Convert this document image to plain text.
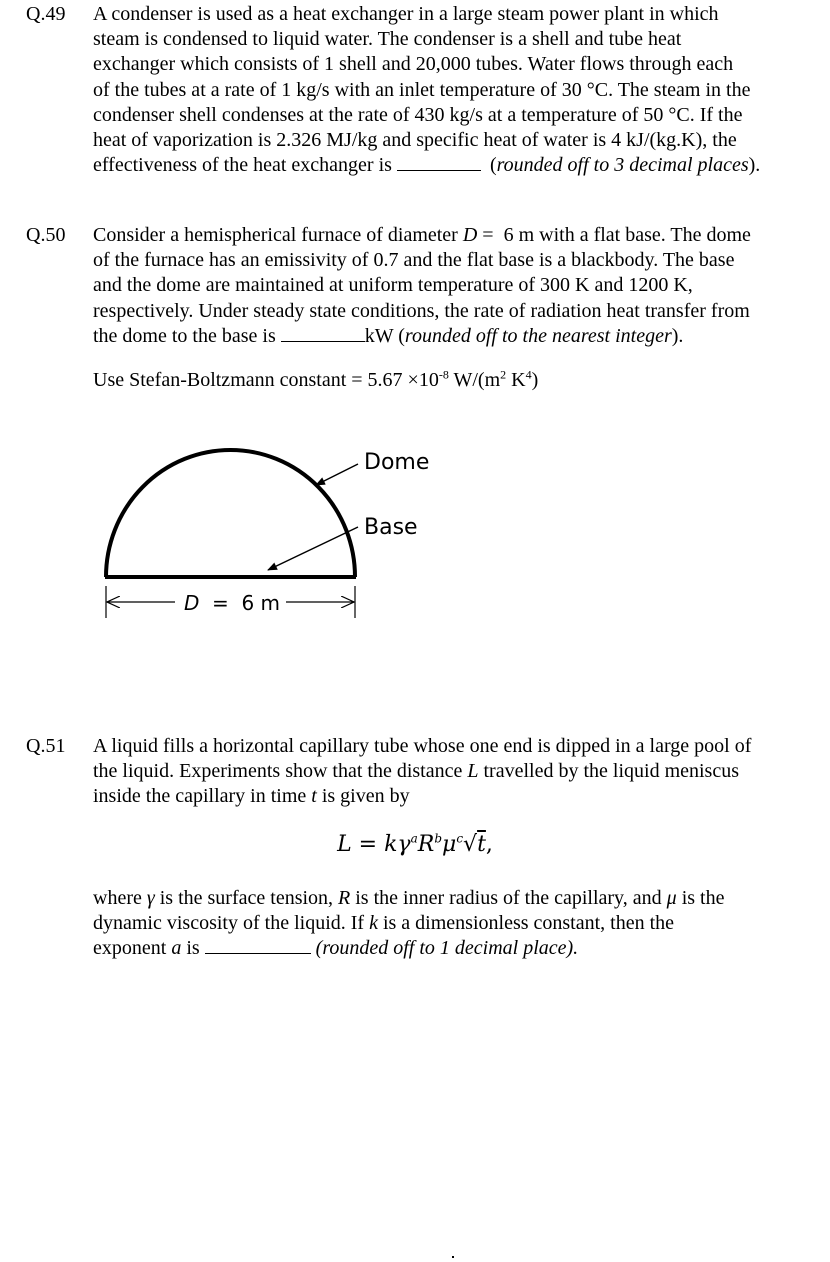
Q.49 A condenser is used as a heat exchanger in a large steam power plant in which

steam is condensed to liquid water. The condenser is a shell and tube heat

exchanger which consists of 1 shell and 20,000 tubes. Water flows through each

of the tubes at a rate of 1 kg/s with an inlet temperature of 30 °C. The steam in the

condenser shell condenses at the rate of 430 kg/s at a temperature of 50 °C. If the

heat of vaporization is 2.326 MJ/kg and specific heat of water is 4 kJ/(kg.K), the

effectiveness of the heat exchanger is	(rounded off to 3 decimal places).

Q.50 Consider a hemispherical furnace of diameter D =  6 m with a flat base. The dome

of the furnace has an emissivity of 0.7 and the flat base is a blackbody. The base

and the dome are maintained at uniform temperature of 300 K and 1200 K,

respectively. Under steady state conditions, the rate of radiation heat transfer from

the dome to the base is	kW (rounded off to the nearest integer).

Use Stefan-Boltzmann constant = $5.67 \times 10^{-8}$ $W/(m^2$ $K^4$)

Dome
Base
D =  6 m
Q.51 A liquid fills a horizontal capillary tube whose one end is dipped in a large pool of

the liquid. Experiments show that the distance L travelled by the liquid meniscus

inside the capillary in time t is given by

$L = k\gamma^aR^b\mu^c√t$,

where γ is the surface tension, R is the inner radius of the capillary, and μ is the

dynamic viscosity of the liquid. If k is a dimensionless constant, then the

exponent a is	(rounded off to 1 decimal place).
